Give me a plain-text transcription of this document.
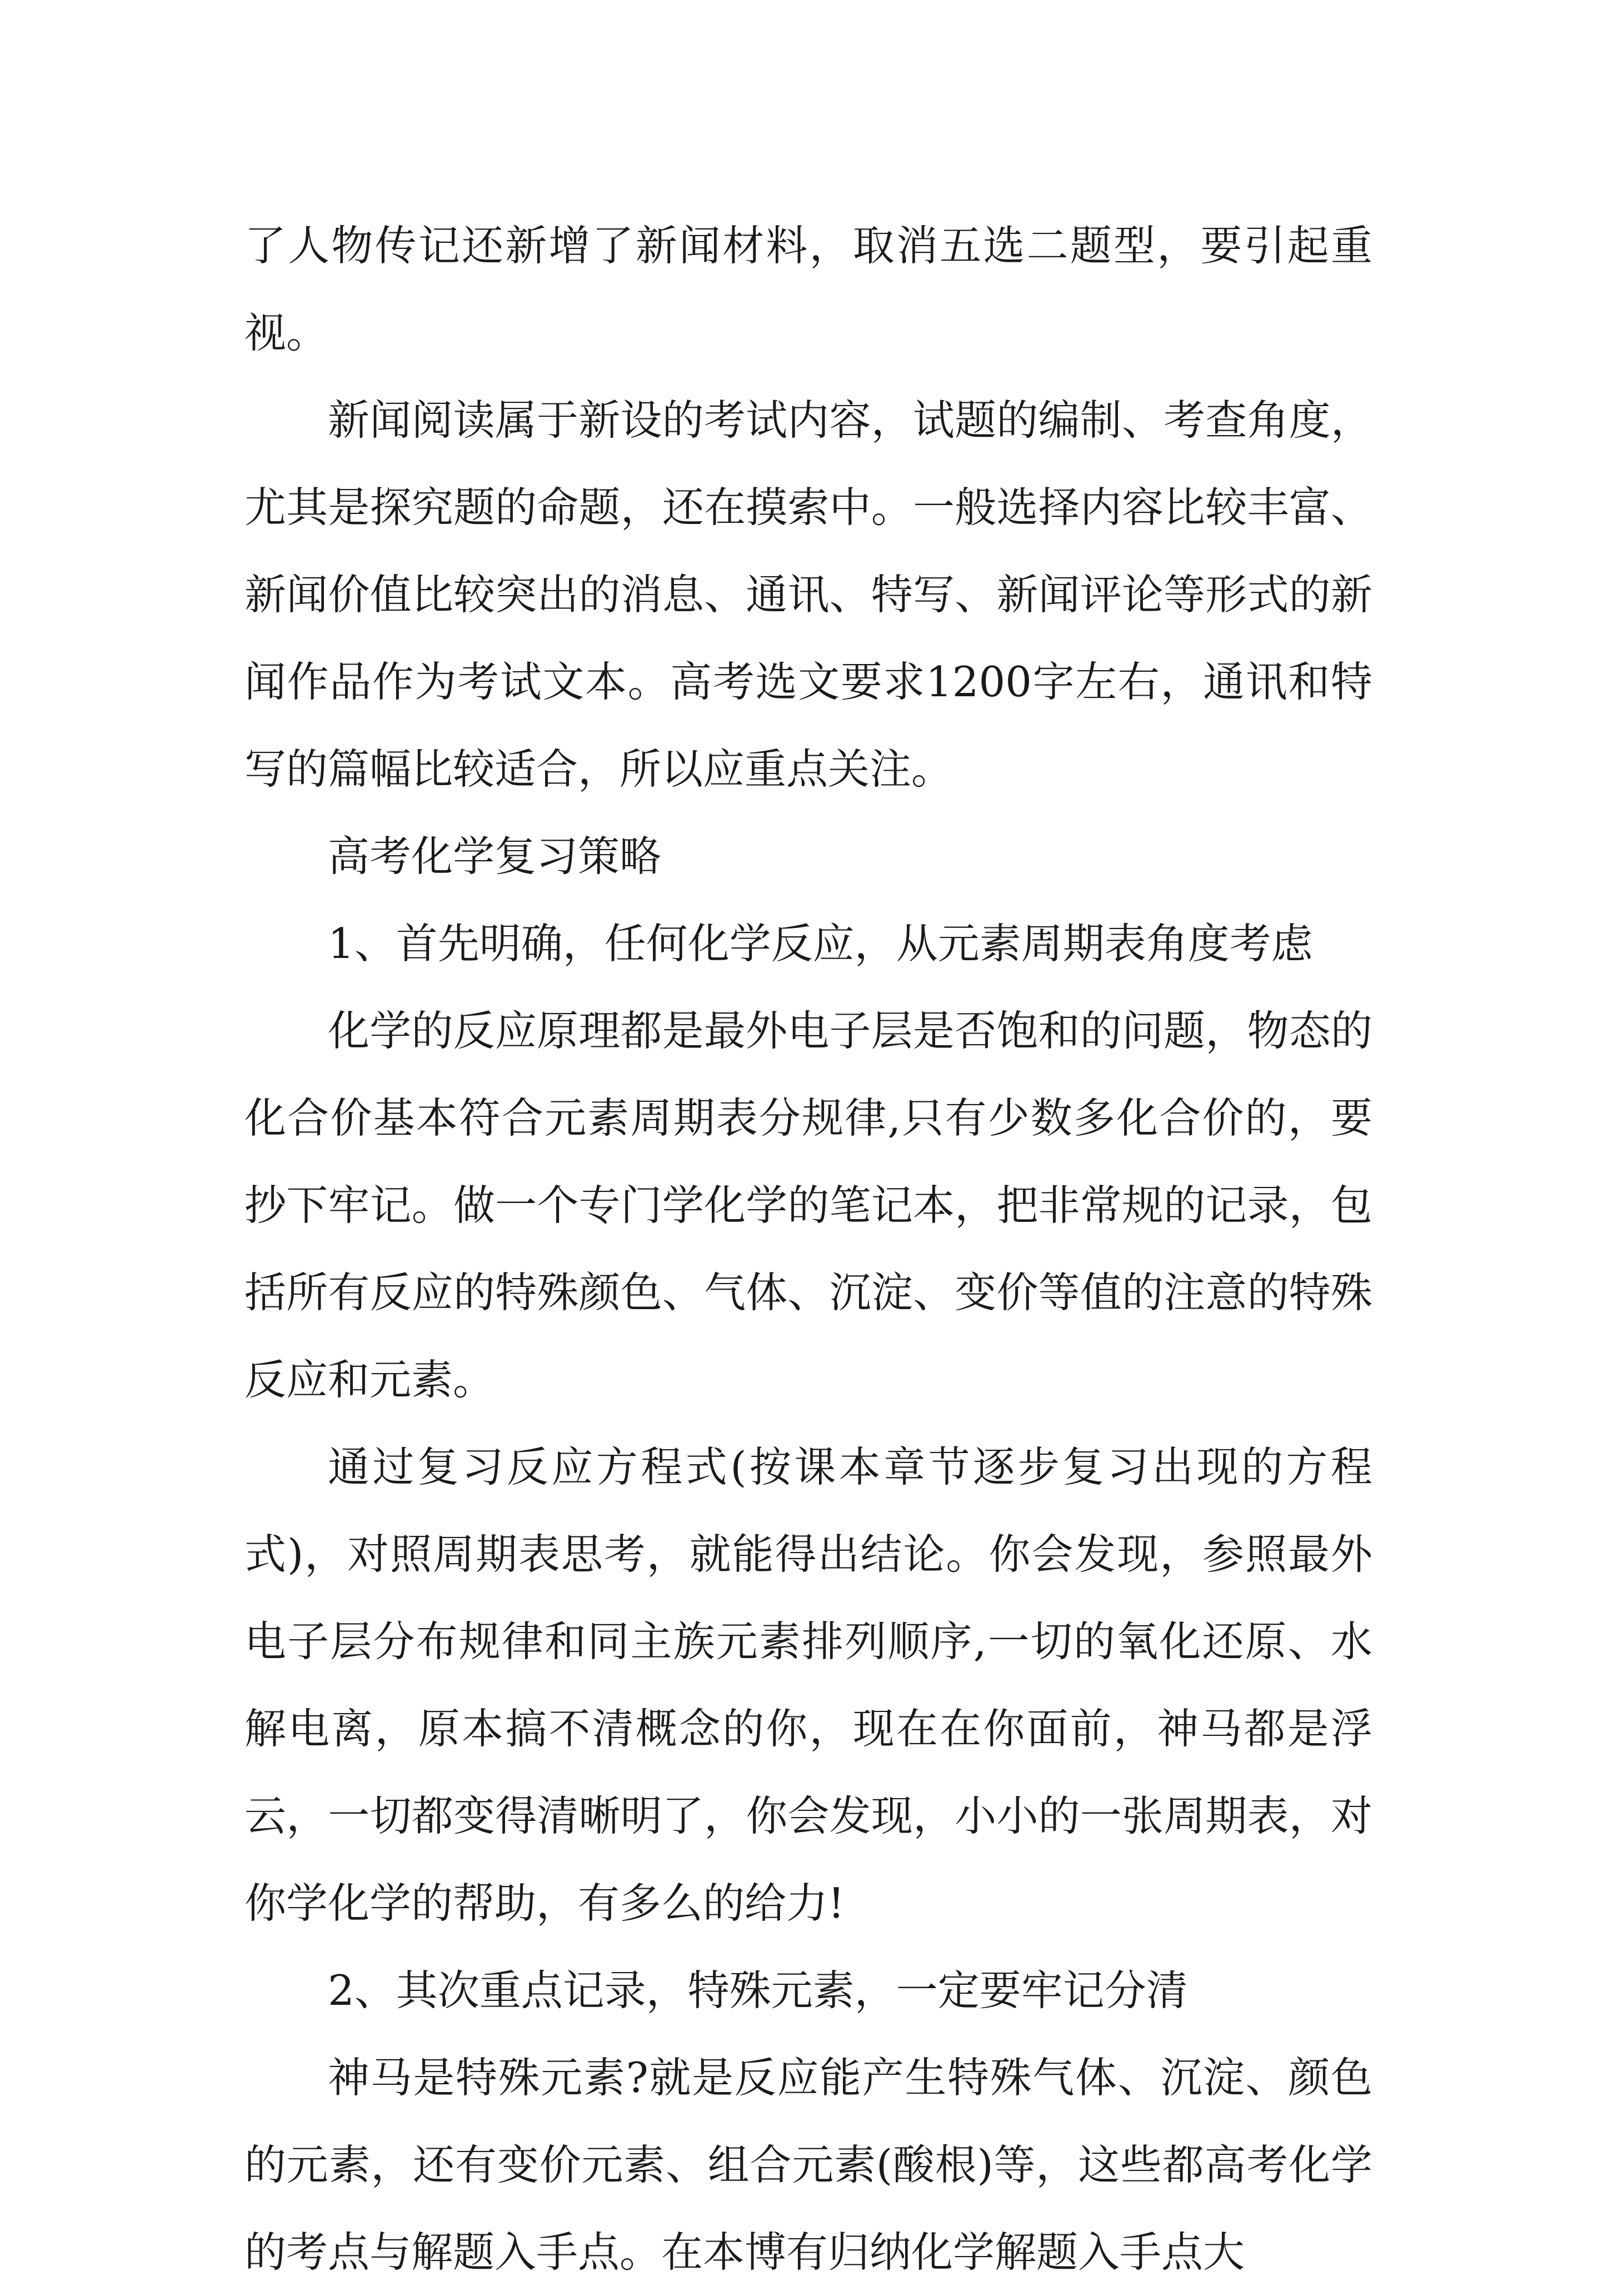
了人物传记还新增了新闻材料，取消五选二题型，要引起重视。

新闻阅读属于新设的考试内容，试题的编制、考查角度，尤其是探究题的命题，还在摸索中。一般选择内容比较丰富、新闻价值比较突出的消息、通讯、特写、新闻评论等形式的新闻作品作为考试文本。高考选文要求1200字左右，通讯和特写的篇幅比较适合，所以应重点关注。

高考化学复习策略

1、首先明确，任何化学反应，从元素周期表角度考虑

化学的反应原理都是最外电子层是否饱和的问题，物态的化合价基本符合元素周期表分规律,只有少数多化合价的，要抄下牢记。做一个专门学化学的笔记本，把非常规的记录，包括所有反应的特殊颜色、气体、沉淀、变价等值的注意的特殊反应和元素。

通过复习反应方程式(按课本章节逐步复习出现的方程式)，对照周期表思考，就能得出结论。你会发现，参照最外电子层分布规律和同主族元素排列顺序,一切的氧化还原、水解电离，原本搞不清概念的你，现在在你面前，神马都是浮云，一切都变得清晰明了，你会发现，小小的一张周期表，对你学化学的帮助，有多么的给力!

2、其次重点记录，特殊元素，一定要牢记分清

神马是特殊元素?就是反应能产生特殊气体、沉淀、颜色的元素，还有变价元素、组合元素(酸根)等，这些都高考化学的考点与解题入手点。在本博有归纳化学解题入手点大
